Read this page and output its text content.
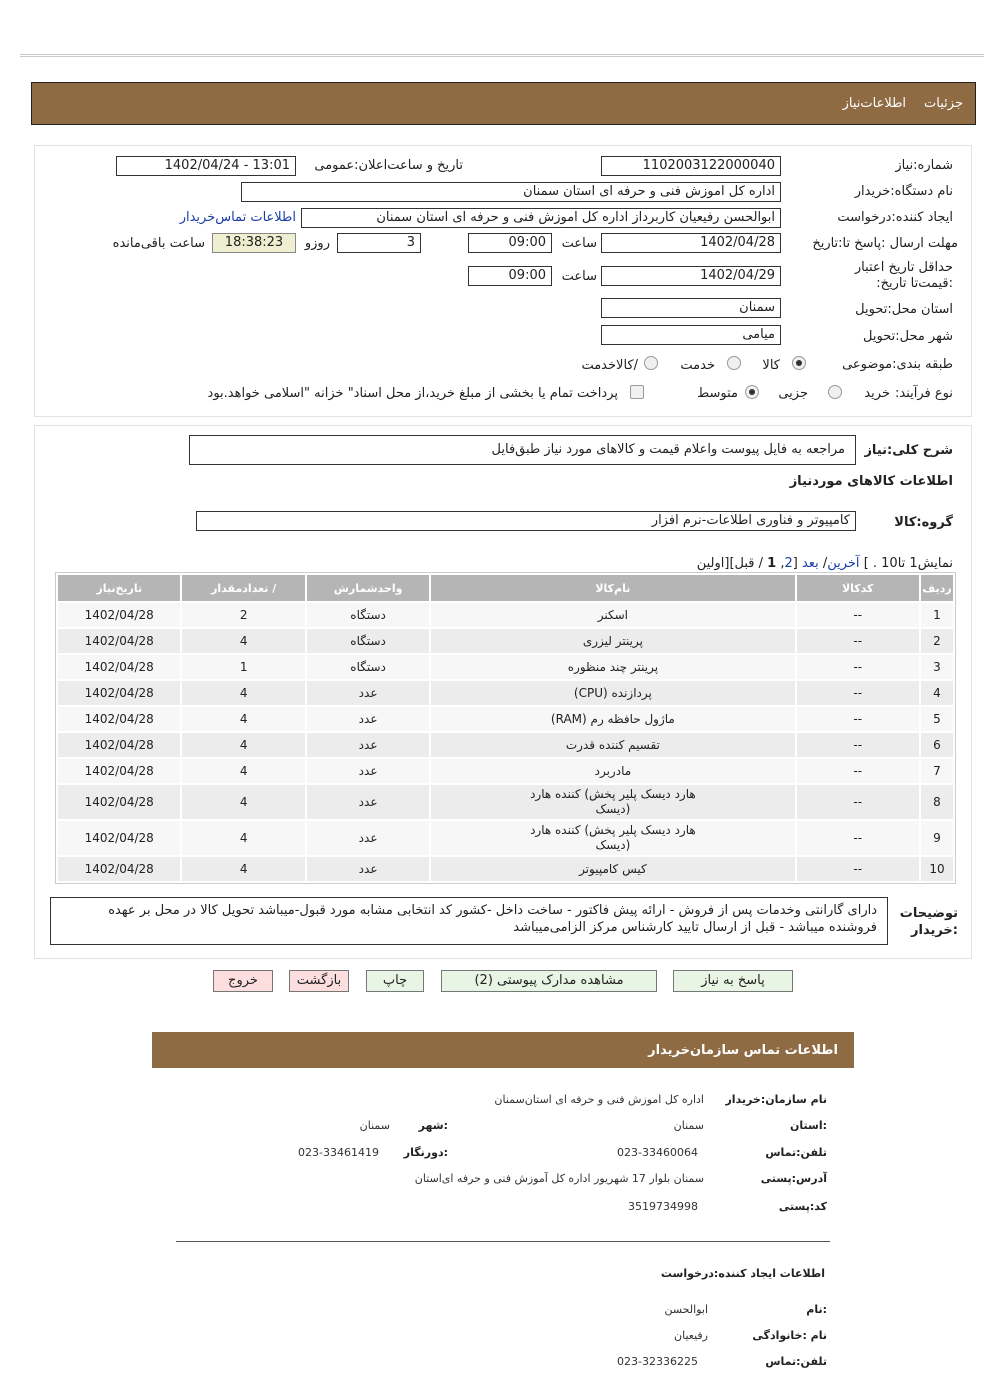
جزئیات
اطلاعات‌نیاز
شماره:نیاز
1102003122000040
تاریخ و ساعت‌اعلان:عمومی
1402/04/24 - 13:01
نام دستگاه:خریدار
اداره کل اموزش فنی و حرفه ای استان سمنان
ایجاد کننده:درخواست
ابوالحسن رفیعیان کاربرداز اداره کل اموزش فنی و حرفه ای استان سمنان
اطلاعات تماس‌خریدار
مهلت ارسال :پاسخ تا:تاریخ
1402/04/28
ساعت
09:00
3
روزو
18:38:23
ساعت باقی‌مانده
حداقل تاریخ اعتبار :قیمت‌تا تاریخ:
1402/04/29
ساعت
09:00
استان محل:تحویل
سمنان
شهر محل:تحویل
میامی
طبقه بندی:موضوعی
کالا
خدمت
/کالاخدمت
نوع فرآیند:
خرید
جزیی
متوسط
پرداخت تمام یا بخشی از مبلغ خرید،از محل اسناد" خزانه "اسلامی خواهد.بود
شرح کلی:نیاز
مراجعه به فایل پیوست واعلام قیمت و کالاهای مورد نیاز طبق‌فایل
اطلاعات کالاهای مورد‌نیاز
گروه:کالا
کامپیوتر و فناوری اطلاعات-نرم افزار
نمایش1 تا10 . ] آخرین/ بعد [2, 1 / قبل][اولین
ردیف	کدکالا	نام‌کالا	واحدشمارش	/ تعدادمقدار	تاریخ‌نیاز
1	--	اسکنر	دستگاه	2	1402/04/28
2	--	پرینتر لیزری	دستگاه	4	1402/04/28
3	--	پرینتر چند منظوره	دستگاه	1	1402/04/28
4	--	پردازنده (CPU)	عدد	4	1402/04/28
5	--	ماژول حافظه رم (RAM)	عدد	4	1402/04/28
6	--	تقسیم کننده قدرت	عدد	4	1402/04/28
7	--	مادربرد	عدد	4	1402/04/28
8	--	هارد دیسک پلیر پخش) کننده هارد (دیسک	عدد	4	1402/04/28
9	--	هارد دیسک پلیر پخش) کننده هارد (دیسک	عدد	4	1402/04/28
10	--	کیس کامپیوتر	عدد	4	1402/04/28
توضیحات :خریدار
دارای گارانتی وخدمات پس از فروش - ارائه پیش فاکتور - ساخت داخل -کشور کد انتخابی مشابه مورد قبول-میباشد تحویل کالا در محل بر عهده فروشنده میباشد - قبل از ارسال تایید کارشناس مرکز الزامی‌میباشد
پاسخ به نیاز
مشاهده مدارک پیوستی (2)
چاپ
بازگشت
خروج
اطلاعات تماس سازمان‌خریدار
نام سازمان:خریدار
اداره کل اموزش فنی و حرفه ای استان‌سمنان
:استان
سمنان
:شهر
سمنان
تلفن:تماس
023-33460064
:دورنگار
023-33461419
آدرس:پستی
سمنان بلوار 17 شهریور اداره کل آموزش فنی و حرفه ای‌استان
کد:پستی
3519734998
اطلاعات ایجاد کننده:درخواست
:نام
ابوالحسن
نام :خانوادگی
رفیعیان
تلفن:تماس
023-32336225
